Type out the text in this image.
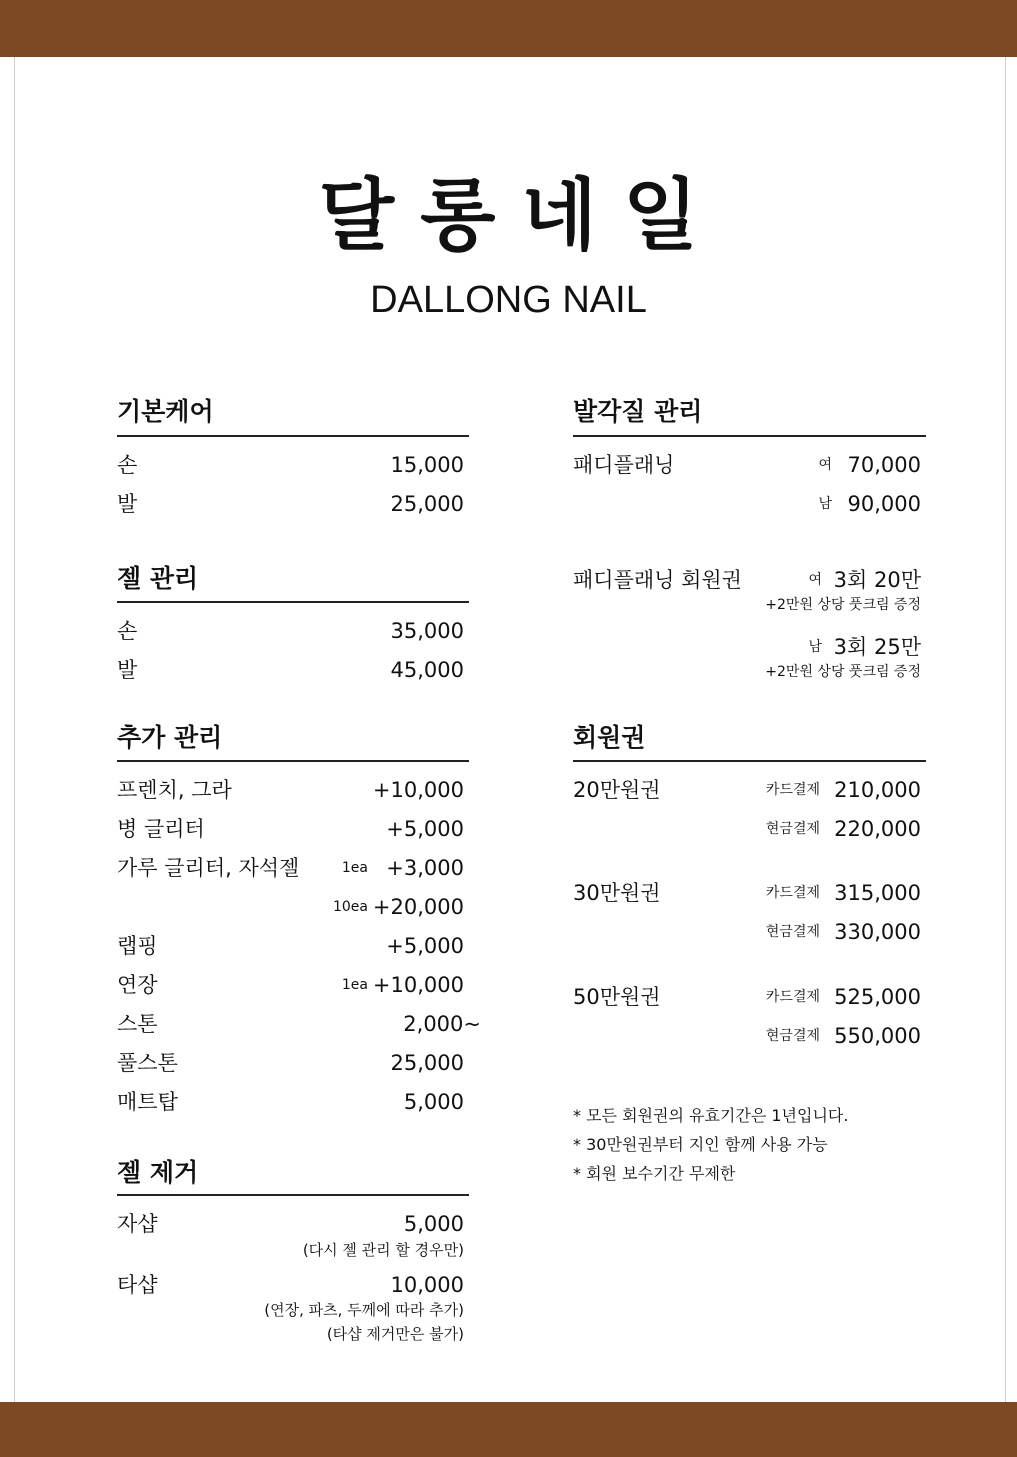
달롱네일
DALLONG NAIL
기본케어
손	15,000
발	25,000
젤 관리
손	35,000
발	45,000
추가 관리
프렌치, 그라	+10,000
병 글리터	+5,000
가루 글리터, 자석젤	1ea +3,000
10ea +20,000
랩핑	+5,000
연장	1ea +10,000
스톤	2,000~
풀스톤	25,000
매트탑	5,000
젤 제거
자샵	5,000
(다시 젤 관리 할 경우만)
타샵	10,000
(연장, 파츠, 두께에 따라 추가)
(타샵 제거만은 불가)
발각질 관리
패디플래닝	여 70,000
남 90,000
패디플래닝 회원권	여 3회 20만
+2만원 상당 풋크림 증정
남 3회 25만
+2만원 상당 풋크림 증정
회원권
20만원권	카드결제 210,000
현금결제 220,000
30만원권	카드결제 315,000
현금결제 330,000
50만원권	카드결제 525,000
현금결제 550,000
* 모든 회원권의 유효기간은 1년입니다.
* 30만원권부터 지인 함께 사용 가능
* 회원 보수기간 무제한
